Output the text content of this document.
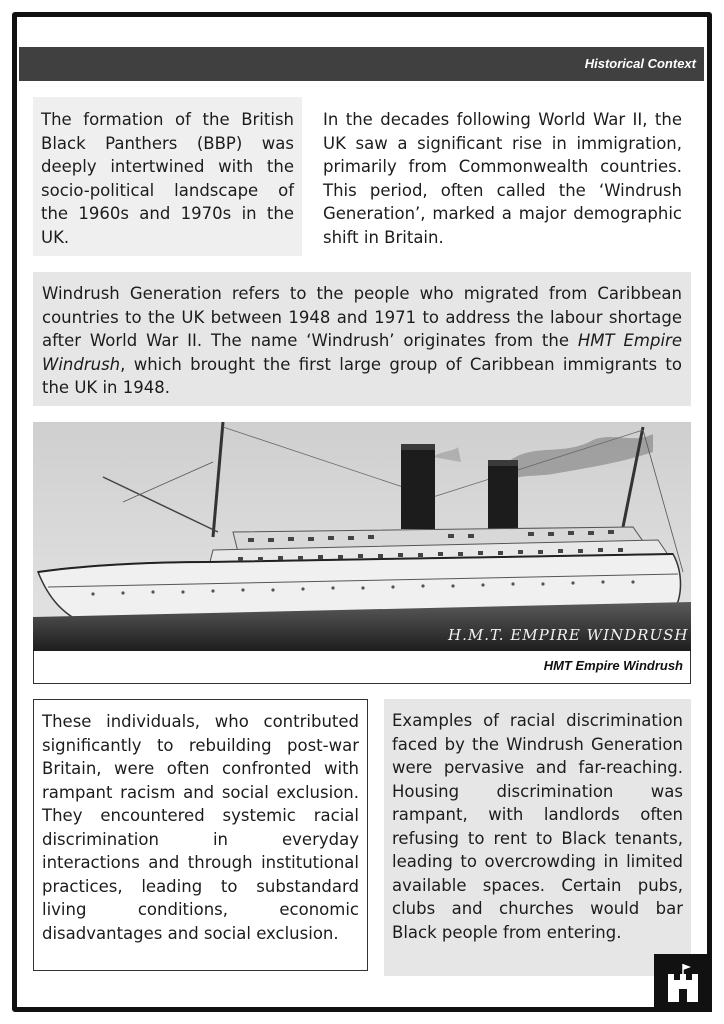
Historical Context

The formation of the British Black Panthers (BBP) was deeply intertwined with the socio-political landscape of the 1960s and 1970s in the UK.

In the decades following World War II, the UK saw a significant rise in immigration, primarily from Commonwealth countries. This period, often called the ‘Windrush Generation’, marked a major demographic shift in Britain.

Windrush Generation refers to the people who migrated from Caribbean countries to the UK between 1948 and 1971 to address the labour shortage after World War II. The name ‘Windrush’ originates from the HMT Empire Windrush, which brought the first large group of Caribbean immigrants to the UK in 1948.

H.M.T. EMPIRE WINDRUSH
HMT Empire Windrush

These individuals, who contributed significantly to rebuilding post-war Britain, were often confronted with rampant racism and social exclusion. They encountered systemic racial discrimination in everyday interactions and through institutional practices, leading to substandard living conditions, economic disadvantages and social exclusion.

Examples of racial discrimination faced by the Windrush Generation were pervasive and far-reaching. Housing discrimination was rampant, with landlords often refusing to rent to Black tenants, leading to overcrowding in limited available spaces. Certain pubs, clubs and churches would bar Black people from entering.
